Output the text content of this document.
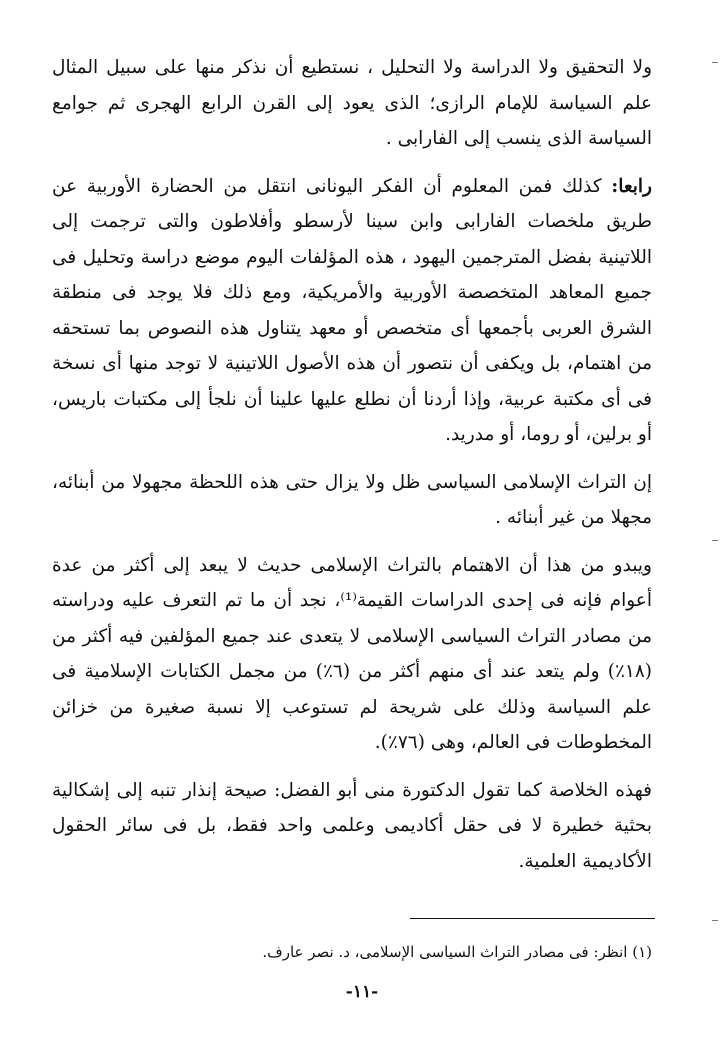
ولا التحقيق ولا الدراسة ولا التحليل ، نستطيع أن نذكر منها على سبيل المثال علم السياسة للإمام الرازى؛ الذى يعود إلى القرن الرابع الهجرى ثم جوامع السياسة الذى ينسب إلى الفارابى .

رابعا: كذلك فمن المعلوم أن الفكر اليونانى انتقل من الحضارة الأوربية عن طريق ملخصات الفارابى وابن سينا لأرسطو وأفلاطون والتى ترجمت إلى اللاتينية بفضل المترجمين اليهود ، هذه المؤلفات اليوم موضع دراسة وتحليل فى جميع المعاهد المتخصصة الأوربية والأمريكية، ومع ذلك فلا يوجد فى منطقة الشرق العربى بأجمعها أى متخصص أو معهد يتناول هذه النصوص بما تستحقه من اهتمام، بل ويكفى أن نتصور أن هذه الأصول اللاتينية لا توجد منها أى نسخة فى أى مكتبة عربية، وإذا أردنا أن نطلع عليها علينا أن نلجأ إلى مكتبات باريس، أو برلين، أو روما، أو مدريد.

إن التراث الإسلامى السياسى ظل ولا يزال حتى هذه اللحظة مجهولا من أبنائه، مجهلا من غير أبنائه .

ويبدو من هذا أن الاهتمام بالتراث الإسلامى حديث لا يبعد إلى أكثر من عدة أعوام فإنه فى إحدى الدراسات القيمة⁽¹⁾، نجد أن ما تم التعرف عليه ودراسته من مصادر التراث السياسى الإسلامى لا يتعدى عند جميع المؤلفين فيه أكثر من (١٨٪) ولم يتعد عند أى منهم أكثر من (٦٪) من مجمل الكتابات الإسلامية فى علم السياسة وذلك على شريحة لم تستوعب إلا نسبة صغيرة من خزائن المخطوطات فى العالم، وهى (٧٦٪).

فهذه الخلاصة كما تقول الدكتورة منى أبو الفضل: صيحة إنذار تنبه إلى إشكالية بحثية خطيرة لا فى حقل أكاديمى وعلمى واحد فقط، بل فى سائر الحقول الأكاديمية العلمية.

(١) انظر: فى مصادر التراث السياسى الإسلامى، د. نصر عارف.
-١١-
